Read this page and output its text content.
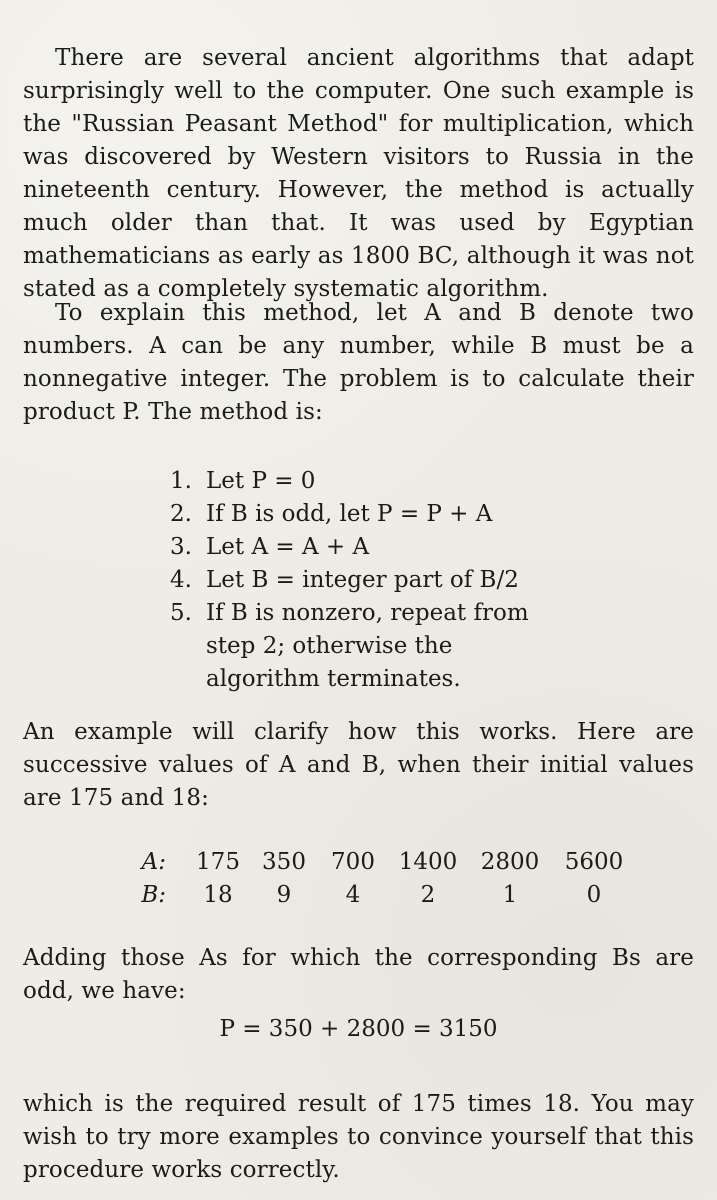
There are several ancient algorithms that adapt surprisingly well to the computer. One such example is the "Russian Peasant Method" for multiplication, which was discovered by Western visitors to Russia in the nineteenth century. However, the method is actually much older than that. It was used by Egyptian mathematicians as early as 1800 BC, although it was not stated as a completely systematic algorithm.
To explain this method, let A and B denote two numbers. A can be any number, while B must be a nonnegative integer. The problem is to calculate their product P. The method is:
1. Let P = 0
2. If B is odd, let P = P + A
3. Let A = A + A
4. Let B = integer part of B/2
5. If B is nonzero, repeat from step 2; otherwise the algorithm terminates.
An example will clarify how this works. Here are successive values of A and B, when their initial values are 175 and 18:
A:	175 350	700	1400	2800	5600
B:	18	9	4	2	1	0
Adding those As for which the corresponding Bs are odd, we have:
P = 350 + 2800 = 3150
which is the required result of 175 times 18. You may wish to try more examples to convince yourself that this procedure works correctly.
